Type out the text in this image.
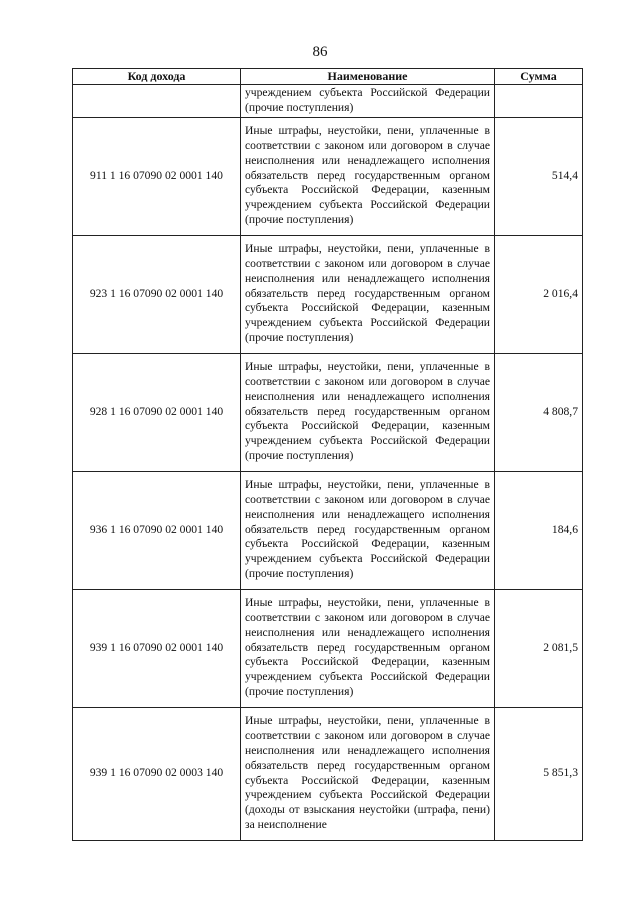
86
Код дохода	Наименование	Сумма
	учреждением субъекта Российской Федерации (прочие поступления)	
911 1 16 07090 02 0001 140	Иные штрафы, неустойки, пени, уплаченные в соответствии с законом или договором в случае неисполнения или ненадлежащего исполнения обязательств перед государственным органом субъекта Российской Федерации, казенным учреждением субъекта Российской Федерации (прочие поступления)	514,4
923 1 16 07090 02 0001 140	Иные штрафы, неустойки, пени, уплаченные в соответствии с законом или договором в случае неисполнения или ненадлежащего исполнения обязательств перед государственным органом субъекта Российской Федерации, казенным учреждением субъекта Российской Федерации (прочие поступления)	2 016,4
928 1 16 07090 02 0001 140	Иные штрафы, неустойки, пени, уплаченные в соответствии с законом или договором в случае неисполнения или ненадлежащего исполнения обязательств перед государственным органом субъекта Российской Федерации, казенным учреждением субъекта Российской Федерации (прочие поступления)	4 808,7
936 1 16 07090 02 0001 140	Иные штрафы, неустойки, пени, уплаченные в соответствии с законом или договором в случае неисполнения или ненадлежащего исполнения обязательств перед государственным органом субъекта Российской Федерации, казенным учреждением субъекта Российской Федерации (прочие поступления)	184,6
939 1 16 07090 02 0001 140	Иные штрафы, неустойки, пени, уплаченные в соответствии с законом или договором в случае неисполнения или ненадлежащего исполнения обязательств перед государственным органом субъекта Российской Федерации, казенным учреждением субъекта Российской Федерации (прочие поступления)	2 081,5
939 1 16 07090 02 0003 140	Иные штрафы, неустойки, пени, уплаченные в соответствии с законом или договором в случае неисполнения или ненадлежащего исполнения обязательств перед государственным органом субъекта Российской Федерации, казенным учреждением субъекта Российской Федерации (доходы от взыскания неустойки (штрафа, пени) за неисполнение	5 851,3
